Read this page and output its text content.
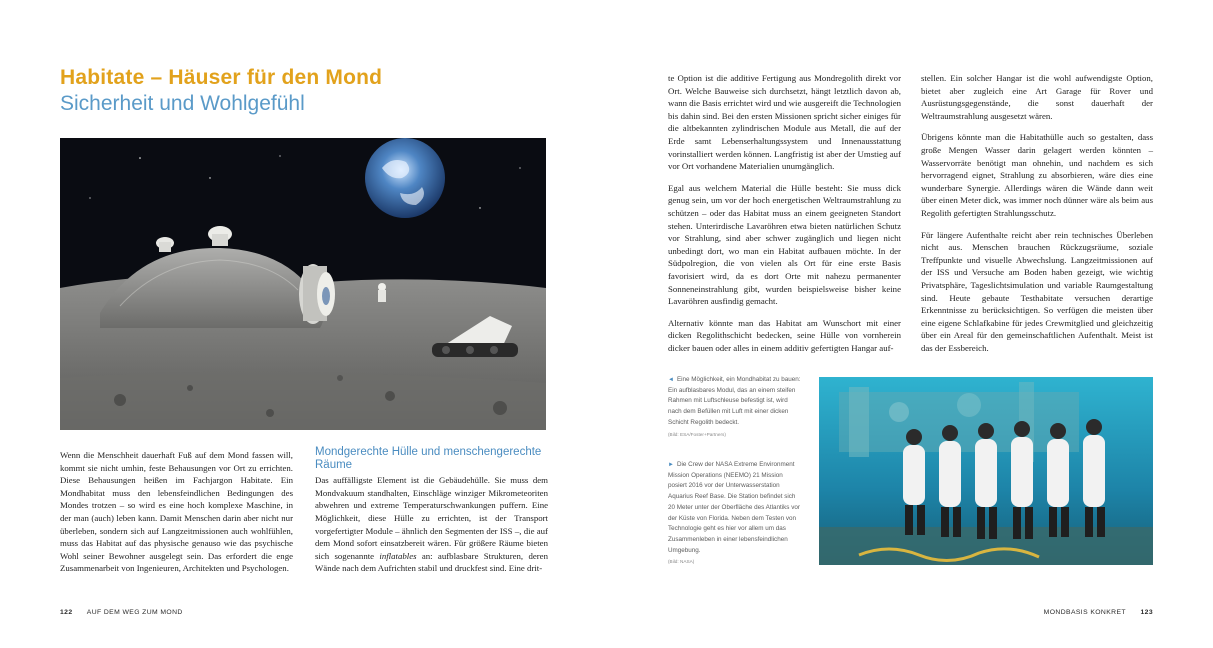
Habitate – Häuser für den Mond
Sicherheit und Wohlgefühl

Wenn die Menschheit dauerhaft Fuß auf dem Mond fassen will, kommt sie nicht umhin, feste Behausungen vor Ort zu errichten. Diese Behausungen heißen im Fachjargon Habitate. Ein Mondhabitat muss den lebensfeindlichen Bedingungen des Mondes trotzen – so wird es eine hoch komplexe Maschine, in der man (auch) leben kann. Damit Menschen darin aber nicht nur überleben, sondern sich auf Langzeitmissionen auch wohlfühlen, muss das Habitat auf das physische genauso wie das psychische Wohl seiner Bewohner ausgelegt sein. Das erfordert die enge Zusammenarbeit von Ingenieuren, Architekten und Psychologen.

Mondgerechte Hülle und menschengerechte Räume

Das auffälligste Element ist die Gebäudehülle. Sie muss dem Mondvakuum standhalten, Einschläge winziger Mikrometeoriten abwehren und extreme Temperaturschwankungen puffern. Eine Möglichkeit, diese Hülle zu errichten, ist der Transport vorgefertigter Module – ähnlich den Segmenten der ISS –, die auf dem Mond sofort einsatzbereit wären. Für größere Räume bieten sich sogenannte inflatables an: aufblasbare Strukturen, deren Wände nach dem Aufrichten stabil und druckfest sind. Eine drit-

122 AUF DEM WEG ZUM MOND

te Option ist die additive Fertigung aus Mondregolith direkt vor Ort. Welche Bauweise sich durchsetzt, hängt letztlich davon ab, wann die Basis errichtet wird und wie ausgereift die Technologien bis dahin sind. Bei den ersten Missionen spricht sicher einiges für die altbekannten zylindrischen Module aus Metall, die auf der Erde samt Lebenserhaltungssystem und Innenausstattung vorinstalliert werden können. Langfristig ist aber der Umstieg auf vor Ort vorhandene Materialien unumgänglich.

Egal aus welchem Material die Hülle besteht: Sie muss dick genug sein, um vor der hoch energetischen Weltraumstrahlung zu schützen – oder das Habitat muss an einem geeigneten Standort stehen. Unterirdische Lavaröhren etwa bieten natürlichen Schutz vor Strahlung, sind aber schwer zugänglich und liegen nicht unbedingt dort, wo man ein Habitat aufbauen möchte. In der Südpolregion, die von vielen als Ort für eine erste Basis favorisiert wird, da es dort Orte mit nahezu permanenter Sonneneinstrahlung gibt, wurden beispielsweise bisher keine Lavaröhren ausfindig gemacht.

Alternativ könnte man das Habitat am Wunschort mit einer dicken Regolithschicht bedecken, seine Hülle von vornherein dicker bauen oder alles in einem additiv gefertigten Hangar auf-

stellen. Ein solcher Hangar ist die wohl aufwendigste Option, bietet aber zugleich eine Art Garage für Rover und Ausrüstungsgegenstände, die sonst dauerhaft der Weltraumstrahlung ausgesetzt wären.

Übrigens könnte man die Habitathülle auch so gestalten, dass große Mengen Wasser darin gelagert werden könnten – Wasservorräte benötigt man ohnehin, und nachdem es sich hervorragend eignet, Strahlung zu absorbieren, wäre dies eine wunderbare Synergie. Allerdings wären die Wände dann weit über einen Meter dick, was immer noch dünner wäre als beim aus Regolith gefertigten Strahlungsschutz.

Für längere Aufenthalte reicht aber rein technisches Überleben nicht aus. Menschen brauchen Rückzugsräume, soziale Treffpunkte und visuelle Abwechslung. Langzeitmissionen auf der ISS und Versuche am Boden haben gezeigt, wie wichtig Privatsphäre, Tageslichtsimulation und variable Raumgestaltung sind. Heute gebaute Testhabitate versuchen derartige Erkenntnisse zu berücksichtigen. So verfügen die meisten über eine eigene Schlafkabine für jedes Crewmitglied und gleichzeitig über ein Areal für den gemeinschaftlichen Aufenthalt. Meist ist das der Essbereich.

◄ Eine Möglichkeit, ein Mondhabitat zu bauen: Ein aufblasbares Modul, das an einem steifen Rahmen mit Luftschleuse befestigt ist, wird nach dem Befüllen mit Luft mit einer dicken Schicht Regolith bedeckt.
(Bild: ESA/Foster+Partners)
► Die Crew der NASA Extreme Environment Mission Operations (NEEMO) 21 Mission posiert 2016 vor der Unterwasserstation Aquarius Reef Base. Die Station befindet sich 20 Meter unter der Oberfläche des Atlantiks vor der Küste von Florida. Neben dem Testen von Technologie geht es hier vor allem um das Zusammenleben in einer lebensfeindlichen Umgebung.
(Bild: NASA)
MONDBASIS KONKRET 123
